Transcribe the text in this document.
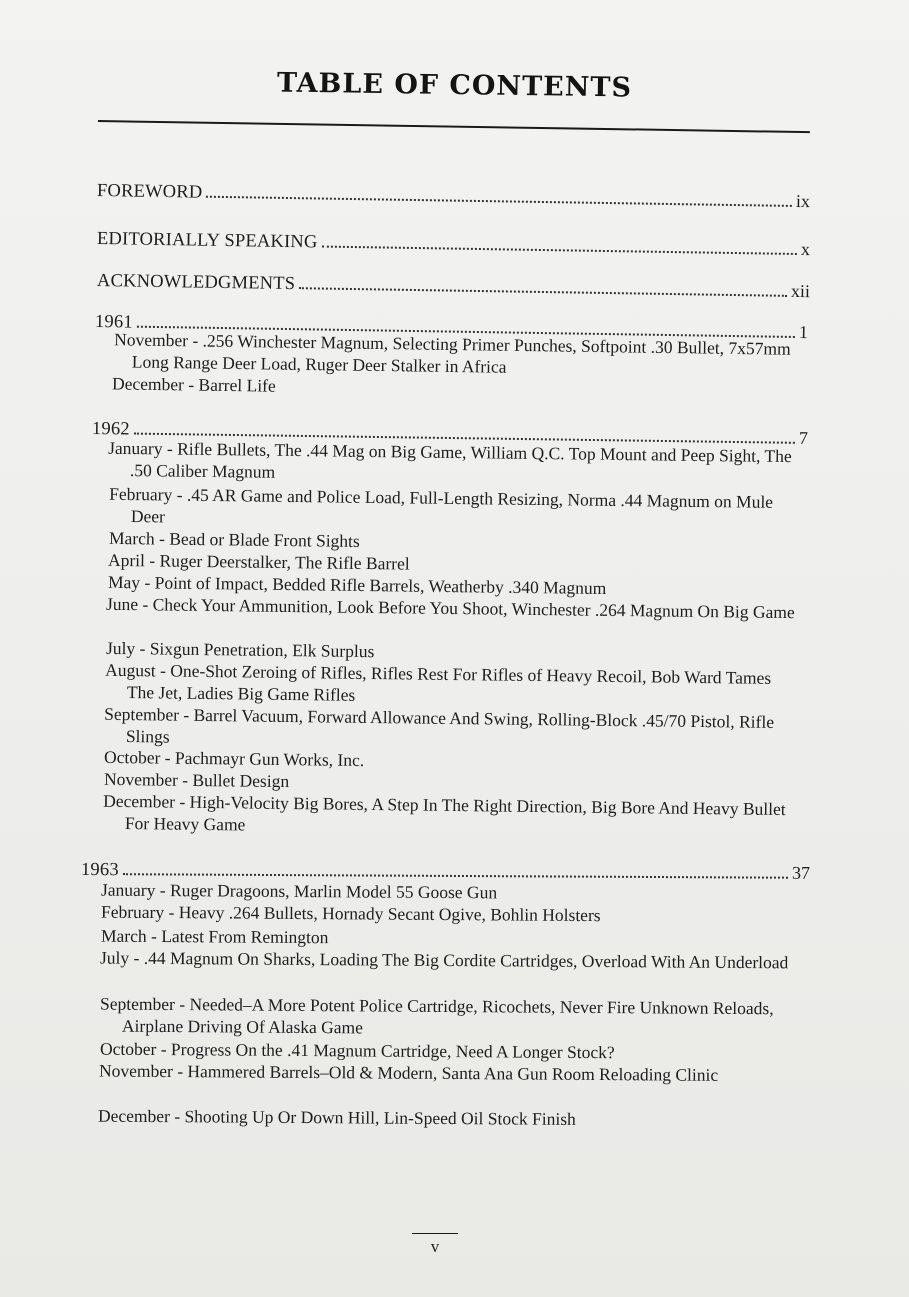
TABLE OF CONTENTS
FOREWORD	ix
EDITORIALLY SPEAKING	x
ACKNOWLEDGMENTS	xii
1961	1
November - .256 Winchester Magnum, Selecting Primer Punches, Softpoint .30 Bullet, 7x57mm Long Range Deer Load, Ruger Deer Stalker in Africa
December - Barrel Life
1962	7
January - Rifle Bullets, The .44 Mag on Big Game, William Q.C. Top Mount and Peep Sight, The .50 Caliber Magnum
February - .45 AR Game and Police Load, Full-Length Resizing, Norma .44 Magnum on Mule Deer
March - Bead or Blade Front Sights
April - Ruger Deerstalker, The Rifle Barrel
May - Point of Impact, Bedded Rifle Barrels, Weatherby .340 Magnum
June - Check Your Ammunition, Look Before You Shoot, Winchester .264 Magnum On Big Game
July - Sixgun Penetration, Elk Surplus
August - One-Shot Zeroing of Rifles, Rifles Rest For Rifles of Heavy Recoil, Bob Ward Tames The Jet, Ladies Big Game Rifles
September - Barrel Vacuum, Forward Allowance And Swing, Rolling-Block .45/70 Pistol, Rifle Slings
October - Pachmayr Gun Works, Inc.
November - Bullet Design
December - High-Velocity Big Bores, A Step In The Right Direction, Big Bore And Heavy Bullet For Heavy Game
1963	37
January - Ruger Dragoons, Marlin Model 55 Goose Gun
February - Heavy .264 Bullets, Hornady Secant Ogive, Bohlin Holsters
March - Latest From Remington
July - .44 Magnum On Sharks, Loading The Big Cordite Cartridges, Overload With An Underload
September - Needed–A More Potent Police Cartridge, Ricochets, Never Fire Unknown Reloads, Airplane Driving Of Alaska Game
October - Progress On the .41 Magnum Cartridge, Need A Longer Stock?
November - Hammered Barrels–Old & Modern, Santa Ana Gun Room Reloading Clinic
December - Shooting Up Or Down Hill, Lin-Speed Oil Stock Finish
v
